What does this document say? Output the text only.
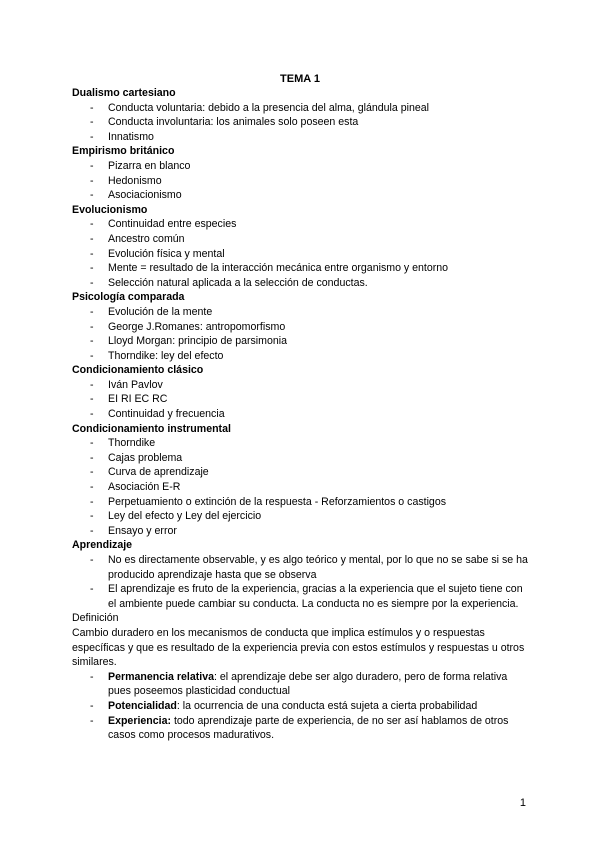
TEMA 1

Dualismo cartesiano

- Conducta voluntaria: debido a la presencia del alma, glándula pineal
- Conducta involuntaria: los animales solo poseen esta
- Innatismo

Empirismo británico

- Pizarra en blanco
- Hedonismo
- Asociacionismo

Evolucionismo

- Continuidad entre especies
- Ancestro común
- Evolución física y mental
- Mente = resultado de la interacción mecánica entre organismo y entorno
- Selección natural aplicada a la selección de conductas.

Psicología comparada

- Evolución de la mente
- George J.Romanes: antropomorfismo
- Lloyd Morgan: principio de parsimonia
- Thorndike: ley del efecto

Condicionamiento clásico

- Iván Pavlov
- EI RI EC RC
- Continuidad y frecuencia

Condicionamiento instrumental

- Thorndike
- Cajas problema
- Curva de aprendizaje
- Asociación E-R
- Perpetuamiento o extinción de la respuesta - Reforzamientos o castigos
- Ley del efecto y Ley del ejercicio
- Ensayo y error

Aprendizaje

- No es directamente observable, y es algo teórico y mental, por lo que no se sabe si se ha producido aprendizaje hasta que se observa
- El aprendizaje es fruto de la experiencia, gracias a la experiencia que el sujeto tiene con el ambiente puede cambiar su conducta. La conducta no es siempre por la experiencia.

Definición

Cambio duradero en los mecanismos de conducta que implica estímulos y o respuestas específicas y que es resultado de la experiencia previa con estos estímulos y respuestas u otros similares.

- Permanencia relativa: el aprendizaje debe ser algo duradero, pero de forma relativa pues poseemos plasticidad conductual
- Potencialidad: la ocurrencia de una conducta está sujeta a cierta probabilidad
- Experiencia: todo aprendizaje parte de experiencia, de no ser así hablamos de otros casos como procesos madurativos.
1
